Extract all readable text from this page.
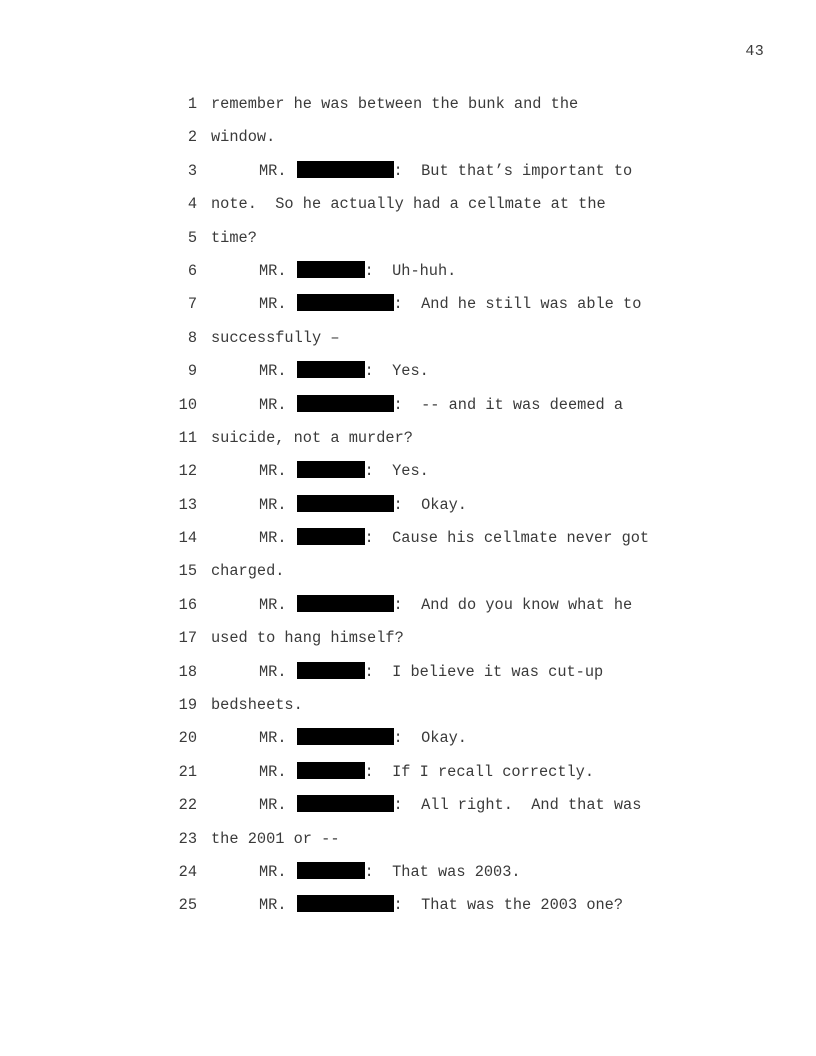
43
1 remember he was between the bunk and the
2 window.
3	MR.	:  But that’s important to
4 note.  So he actually had a cellmate at the
5 time?
6	MR.	:  Uh-huh.
7	MR.	:  And he still was able to
8 successfully –
9	MR.	:  Yes.
10	MR.	:  -- and it was deemed a
11 suicide, not a murder?
12	MR.	:  Yes.
13	MR.	:  Okay.
14	MR.	:  Cause his cellmate never got
15 charged.
16	MR.	:  And do you know what he
17 used to hang himself?
18	MR.	:  I believe it was cut-up
19 bedsheets.
20	MR.	:  Okay.
21	MR.	:  If I recall correctly.
22	MR.	:  All right.  And that was
23 the 2001 or --
24	MR.	:  That was 2003.
25	MR.	:  That was the 2003 one?
